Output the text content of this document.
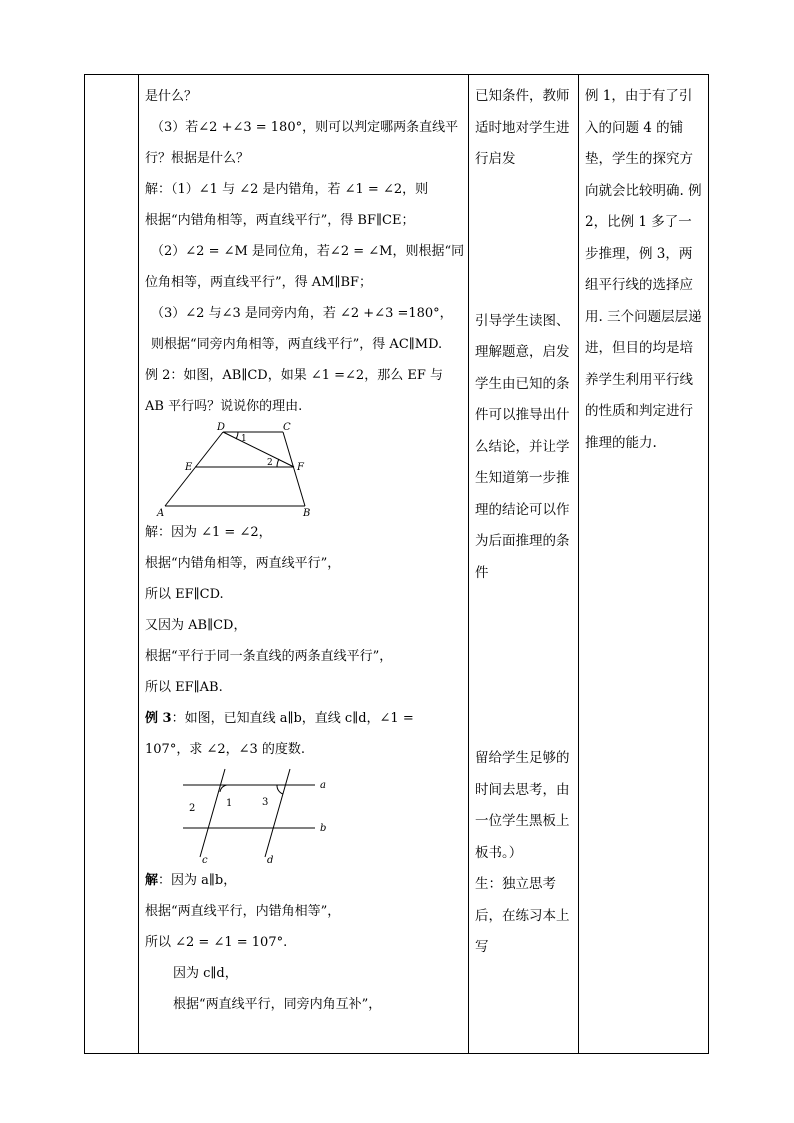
是什么？
（3）若∠2 +∠3 = 180°，则可以判定哪两条直线平
行？根据是什么？
解：（1）∠1 与 ∠2 是内错角，若 ∠1 = ∠2，则
根据“内错角相等，两直线平行”，得 BF∥CE；
（2）∠2 = ∠M 是同位角，若∠2 = ∠M，则根据“同
位角相等，两直线平行”，得 AM∥BF；
（3）∠2 与∠3 是同旁内角，若 ∠2 +∠3 =180°，
则根据“同旁内角相等，两直线平行”，得 AC∥MD.
例 2：如图，AB∥CD，如果 ∠1 =∠2，那么 EF 与
AB 平行吗？说说你的理由.
D	C
E	F
A	B
1
2
解：因为 ∠1 = ∠2，
根据“内错角相等，两直线平行”，
所以 EF∥CD.
又因为 AB∥CD，
根据“平行于同一条直线的两条直线平行”，
所以 EF∥AB.
例 3：如图，已知直线 a∥b，直线 c∥d，∠1 =
107°，求 ∠2，∠3 的度数.
a
b
c	d
1
2
3
解：因为 a∥b，
根据“两直线平行，内错角相等”，
所以 ∠2 = ∠1 = 107°.
因为 c∥d，
根据“两直线平行，同旁内角互补”，
已知条件，教师适时地对学生进行启发
引导学生读图、理解题意，启发学生由已知的条件可以推导出什么结论，并让学生知道第一步推理的结论可以作为后面推理的条件
留给学生足够的时间去思考，由一位学生黑板上板书。）
生：独立思考后，在练习本上写
例 1，由于有了引入的问题 4 的铺垫，学生的探究方向就会比较明确. 例 2，比例 1 多了一步推理，例 3，两组平行线的选择应用. 三个问题层层递进，但目的均是培养学生利用平行线的性质和判定进行推理的能力.
